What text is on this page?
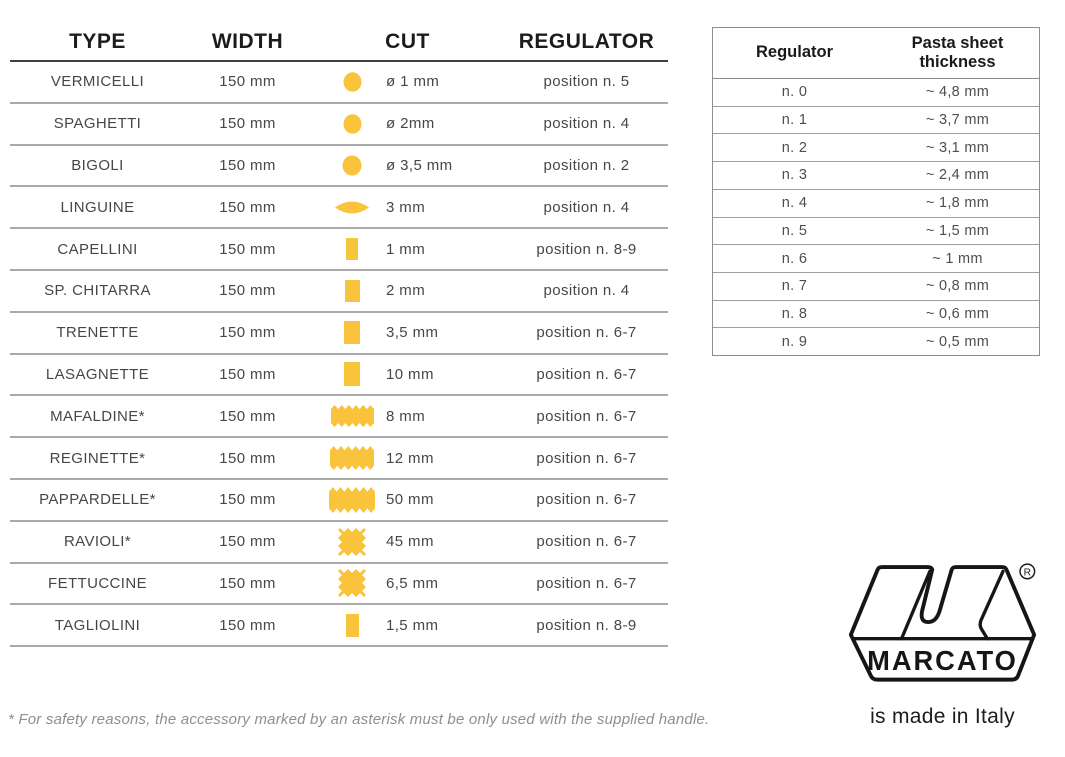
TYPE	WIDTH	CUT	REGULATOR
VERMICELLI	150 mm	ø 1 mm	position n. 5
SPAGHETTI	150 mm	ø 2mm	position n. 4
BIGOLI	150 mm	ø 3,5 mm	position n. 2
LINGUINE	150 mm	3 mm	position n. 4
CAPELLINI	150 mm	1 mm	position n. 8-9
SP. CHITARRA	150 mm	2 mm	position n. 4
TRENETTE	150 mm	3,5 mm	position n. 6-7
LASAGNETTE	150 mm	10 mm	position n. 6-7
MAFALDINE*	150 mm	8 mm	position n. 6-7
REGINETTE*	150 mm	12 mm	position n. 6-7
PAPPARDELLE*	150 mm	50 mm	position n. 6-7
RAVIOLI*	150 mm	45 mm	position n. 6-7
FETTUCCINE	150 mm	6,5 mm	position n. 6-7
TAGLIOLINI	150 mm	1,5 mm	position n. 8-9
Regulator
Pasta sheet thickness
n. 0	~ 4,8 mm
n. 1	~ 3,7 mm
n. 2	~ 3,1 mm
n. 3	~ 2,4 mm
n. 4	~ 1,8 mm
n. 5	~ 1,5 mm
n. 6	~ 1 mm
n. 7	~ 0,8 mm
n. 8	~ 0,6 mm
n. 9	~ 0,5 mm
* For safety reasons, the accessory marked by an asterisk must be only used with the supplied handle.
R
MARCATO
is made in Italy
